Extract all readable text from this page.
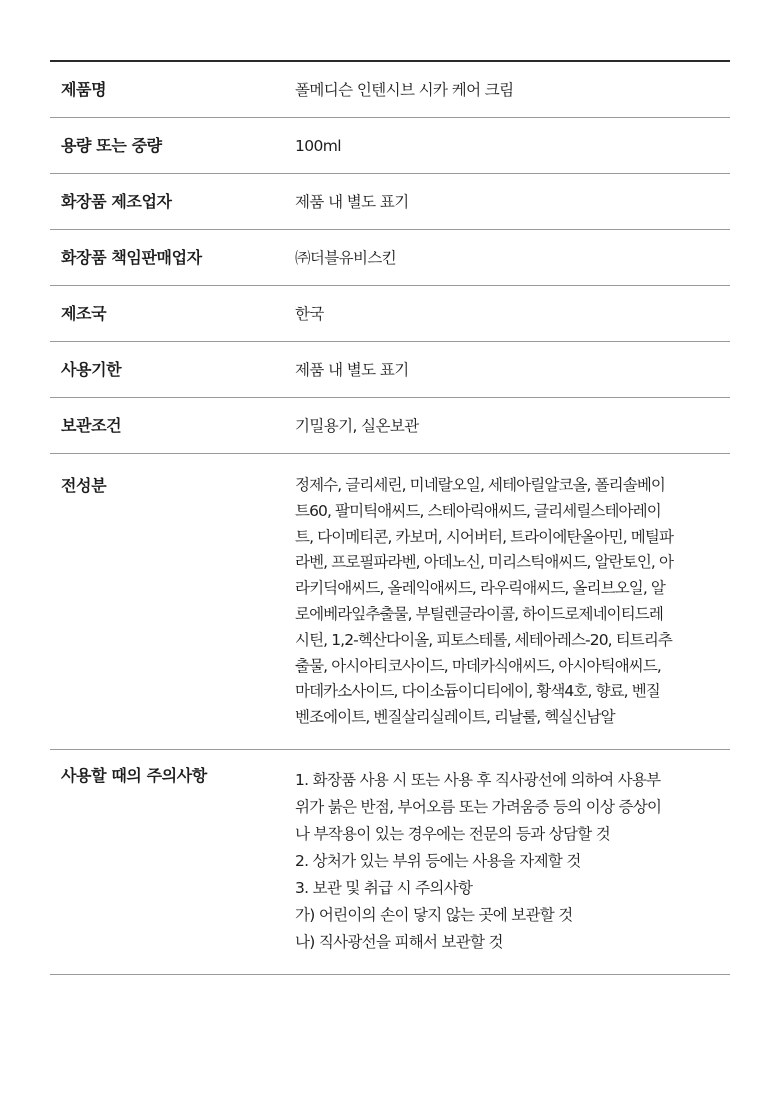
제품명	폴메디슨 인텐시브 시카 케어 크림
용량 또는 중량	100ml
화장품 제조업자	제품 내 별도 표기
화장품 책임판매업자	㈜더블유비스킨
제조국	한국
사용기한	제품 내 별도 표기
보관조건	기밀용기, 실온보관
전성분	정제수, 글리세린, 미네랄오일, 세테아릴알코올, 폴리솔베이
트60, 팔미틱애씨드, 스테아릭애씨드, 글리세릴스테아레이
트, 다이메티콘, 카보머, 시어버터, 트라이에탄올아민, 메틸파
라벤, 프로필파라벤, 아데노신, 미리스틱애씨드, 알란토인, 아
라키딕애씨드, 올레익애씨드, 라우릭애씨드, 올리브오일, 알
로에베라잎추출물, 부틸렌글라이콜, 하이드로제네이티드레
시틴, 1,2-헥산다이올, 피토스테롤, 세테아레스-20, 티트리추
출물, 아시아티코사이드, 마데카식애씨드, 아시아틱애씨드,
마데카소사이드, 다이소듐이디티에이, 황색4호, 향료, 벤질
벤조에이트, 벤질살리실레이트, 리날룰, 헥실신남알
사용할 때의 주의사항	1. 화장품 사용 시 또는 사용 후 직사광선에 의하여 사용부
위가 붉은 반점, 부어오름 또는 가려움증 등의 이상 증상이
나 부작용이 있는 경우에는 전문의 등과 상담할 것
2. 상처가 있는 부위 등에는 사용을 자제할 것
3. 보관 및 취급 시 주의사항
가) 어린이의 손이 닿지 않는 곳에 보관할 것
나) 직사광선을 피해서 보관할 것
